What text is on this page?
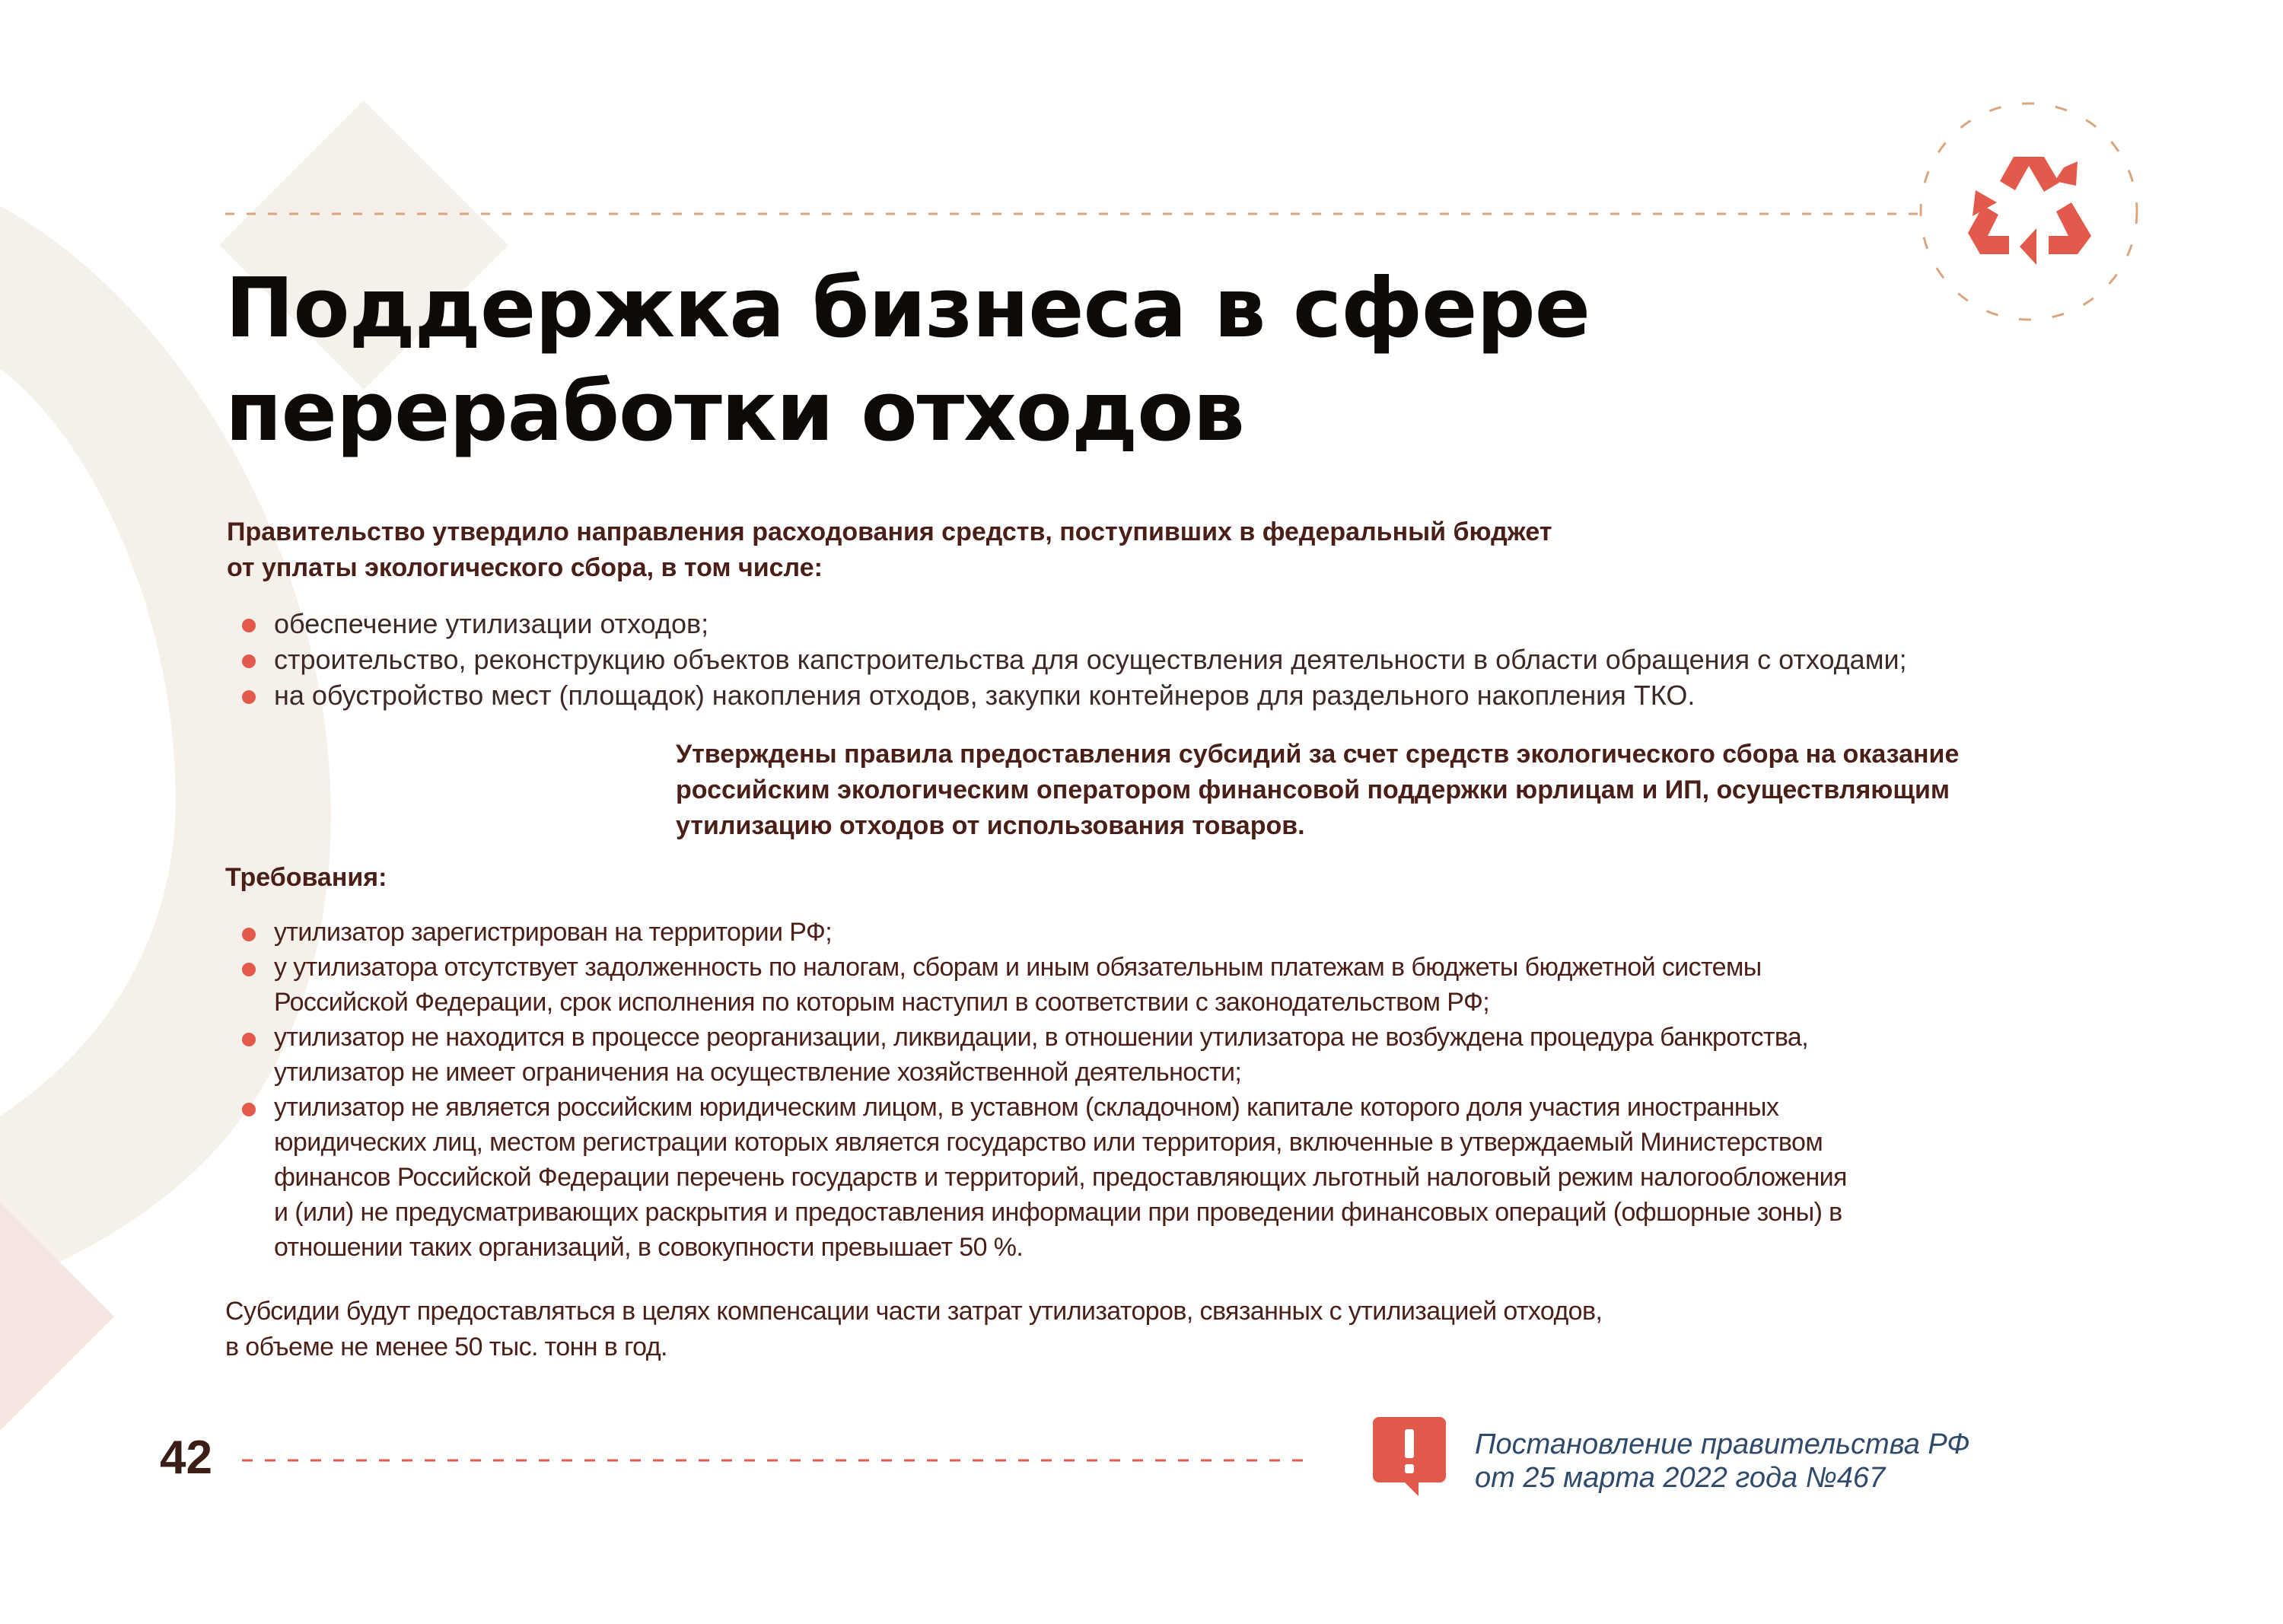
Поддержка бизнеса в сфере
переработки отходов
Правительство утвердило направления расходования средств, поступивших в федеральный бюджет
от уплаты экологического сбора, в том числе:
обеспечение утилизации отходов;
строительство, реконструкцию объектов капстроительства для осуществления деятельности в области обращения с отходами;
на обустройство мест (площадок) накопления отходов, закупки контейнеров для раздельного накопления ТКО.
Утверждены правила предоставления субсидий за счет средств экологического сбора на оказание
российским экологическим оператором финансовой поддержки юрлицам и ИП, осуществляющим
утилизацию отходов от использования товаров.
Требования:
утилизатор зарегистрирован на территории РФ;
у утилизатора отсутствует задолженность по налогам, сборам и иным обязательным платежам в бюджеты бюджетной системы
Российской Федерации, срок исполнения по которым наступил в соответствии с законодательством РФ;
утилизатор не находится в процессе реорганизации, ликвидации, в отношении утилизатора не возбуждена процедура банкротства,
утилизатор не имеет ограничения на осуществление хозяйственной деятельности;
утилизатор не является российским юридическим лицом, в уставном (складочном) капитале которого доля участия иностранных
юридических лиц, местом регистрации которых является государство или территория, включенные в утверждаемый Министерством
финансов Российской Федерации перечень государств и территорий, предоставляющих льготный налоговый режим налогообложения
и (или) не предусматривающих раскрытия и предоставления информации при проведении финансовых операций (офшорные зоны) в
отношении таких организаций, в совокупности превышает 50 %.
Субсидии будут предоставляться в целях компенсации части затрат утилизаторов, связанных с утилизацией отходов,
в объеме не менее 50 тыс. тонн в год.
42	Постановление правительства РФ
от 25 марта 2022 года №467
